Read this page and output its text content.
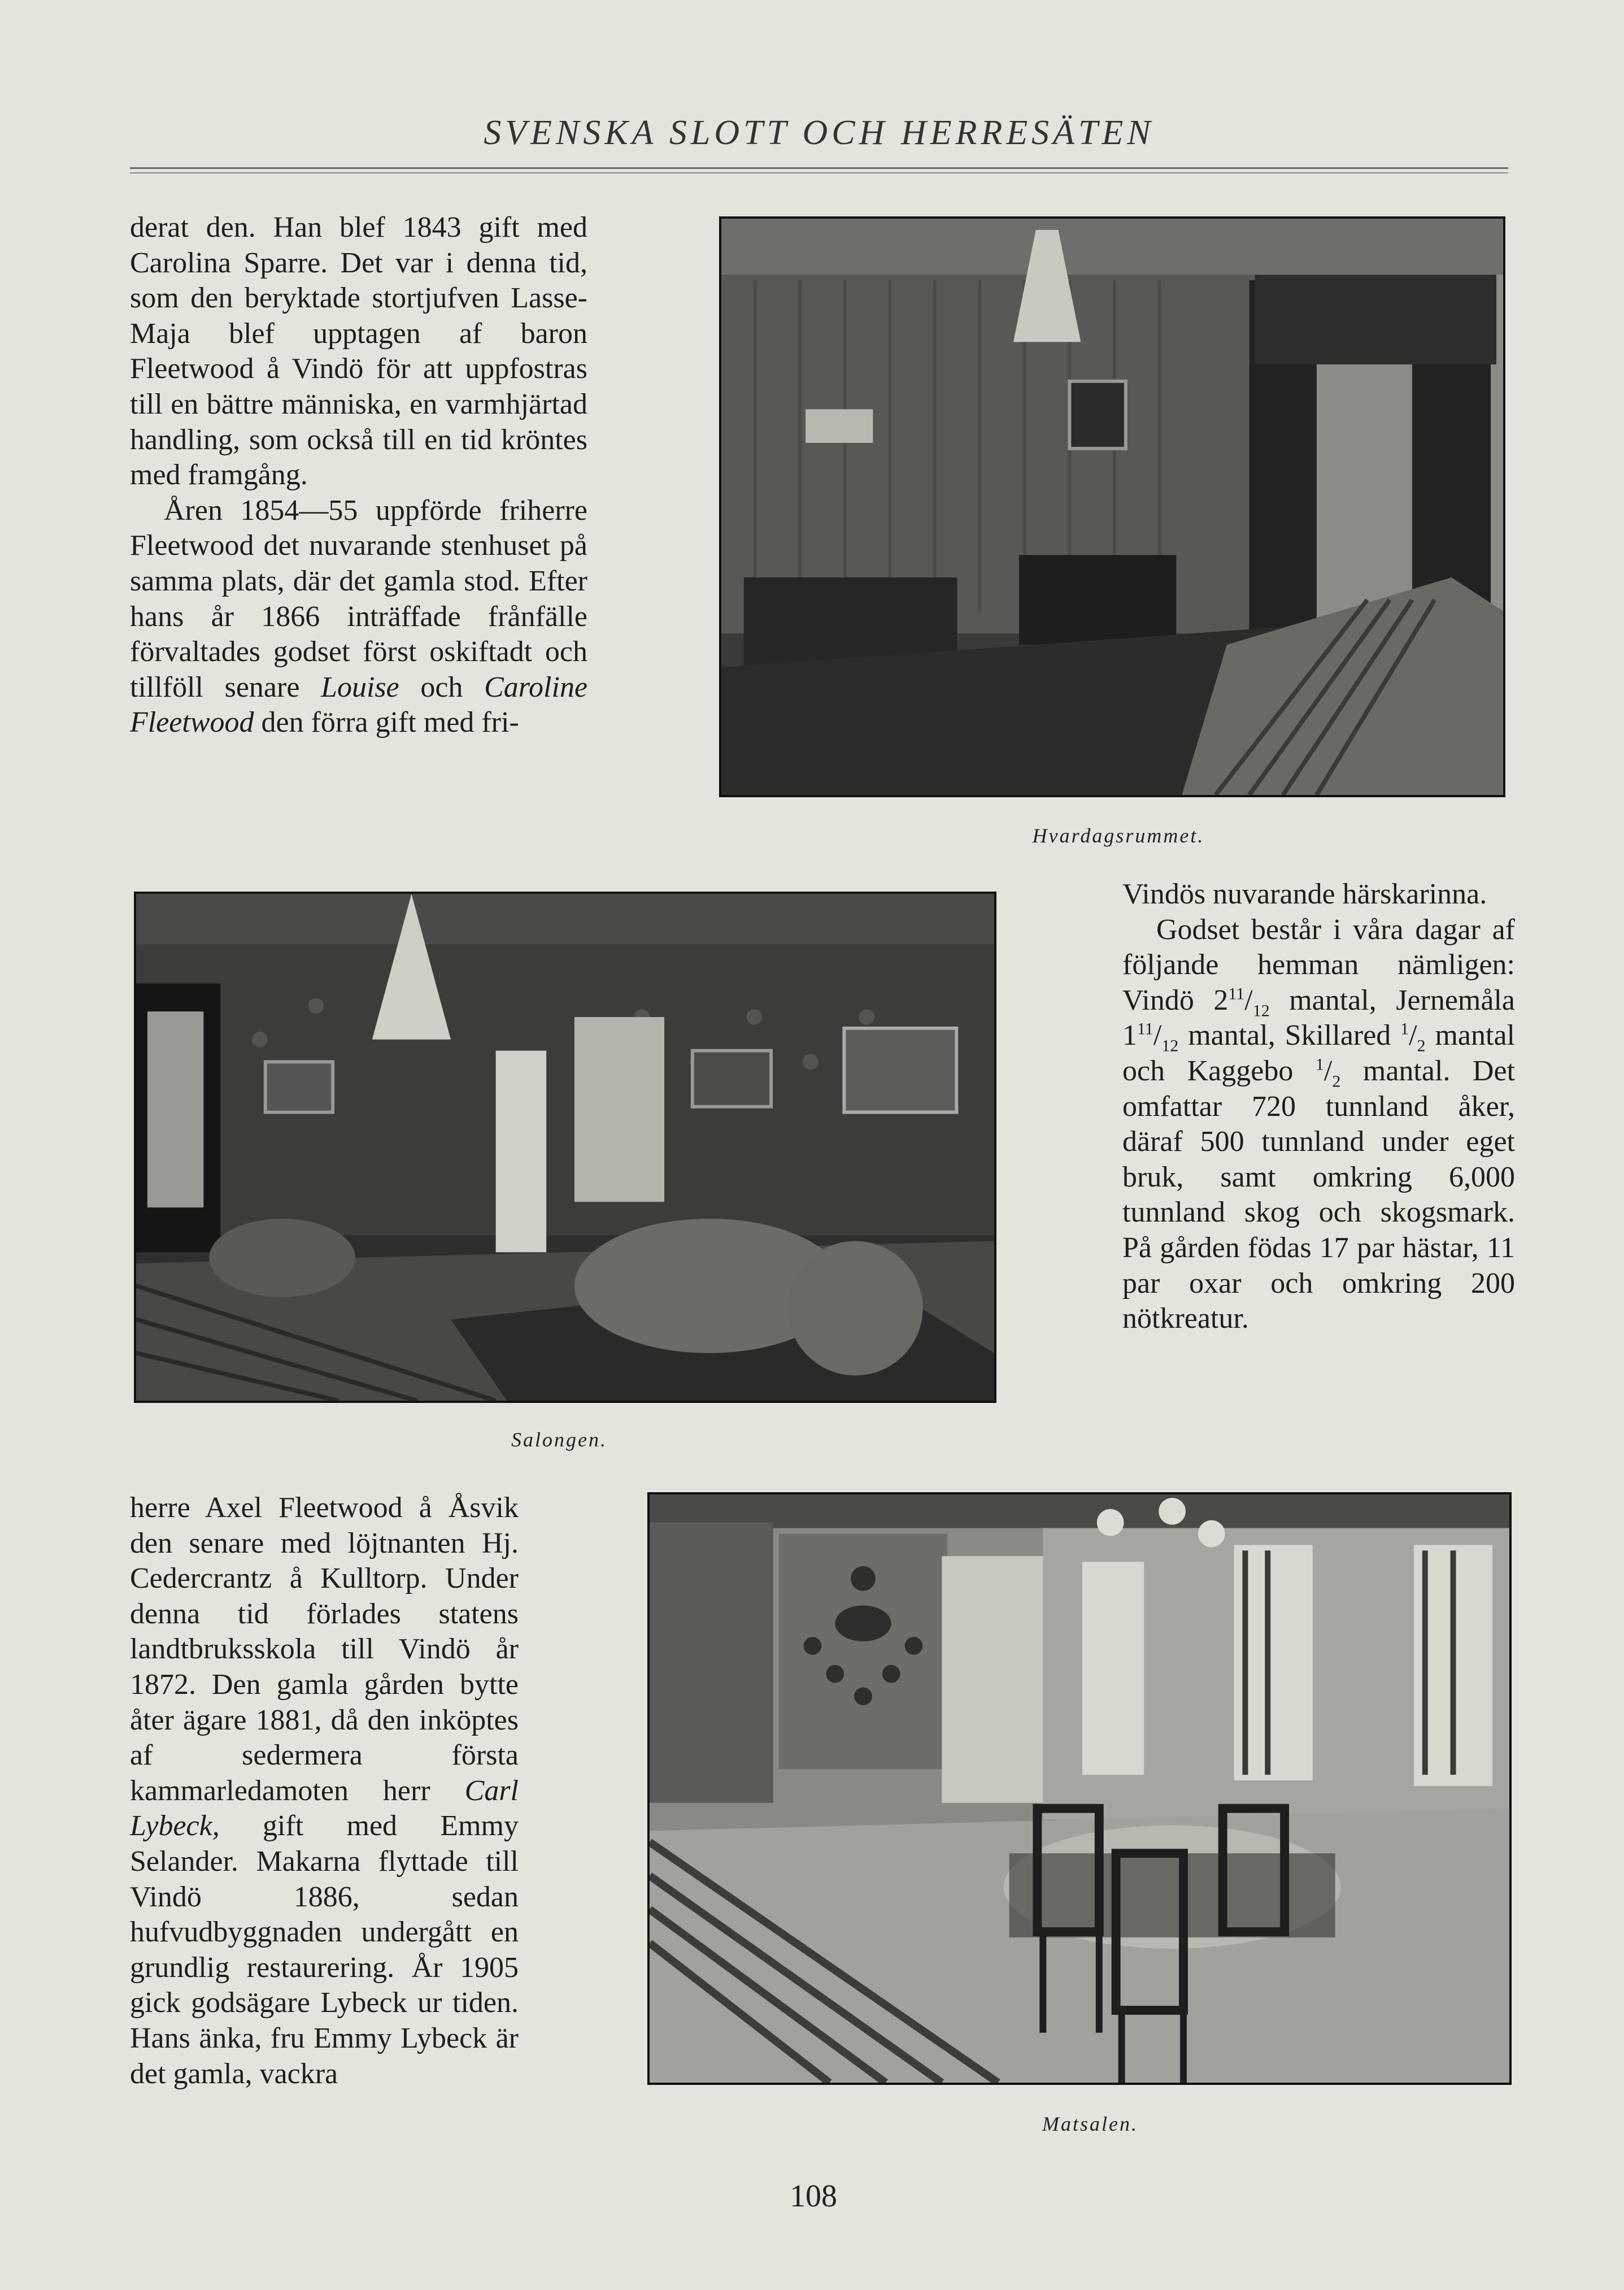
SVENSKA SLOTT OCH HERRESÄTEN

derat den. Han blef 1843 gift med Carolina Sparre. Det var i denna tid, som den beryktade stortjufven Lasse-Maja blef upptagen af baron Fleetwood å Vindö för att uppfostras till en bättre människa, en varmhjärtad handling, som också till en tid kröntes med framgång.

Åren 1854—55 uppförde friherre Fleetwood det nuvarande stenhuset på samma plats, där det gamla stod. Efter hans år 1866 inträffade frånfälle förvaltades godset först oskiftadt och tillföll senare Louise och Caroline Fleetwood den förra gift med fri-

Hvardagsrummet.
Salongen.

Vindös nuvarande härskarinna.

Godset består i våra dagar af följande hemman nämligen: Vindö $2^{11}/_{12}$ mantal, Jernemåla $1^{11}/_{12}$ mantal, Skillared $^1/_2$ mantal och Kaggebo $^1/_2$ mantal. Det omfattar 720 tunnland åker, däraf 500 tunnland under eget bruk, samt omkring 6,000 tunnland skog och skogsmark. På gården födas 17 par hästar, 11 par oxar och omkring 200 nötkreatur.

herre Axel Fleetwood å Åsvik den senare med löjtnanten Hj. Cedercrantz å Kulltorp. Under denna tid förlades statens landtbruksskola till Vindö år 1872. Den gamla gården bytte åter ägare 1881, då den inköptes af sedermera första kammarledamoten herr Carl Lybeck, gift med Emmy Selander. Makarna flyttade till Vindö 1886, sedan hufvudbyggnaden undergått en grundlig restaurering. År 1905 gick godsägare Lybeck ur tiden. Hans änka, fru Emmy Lybeck är det gamla, vackra

Matsalen.
108
